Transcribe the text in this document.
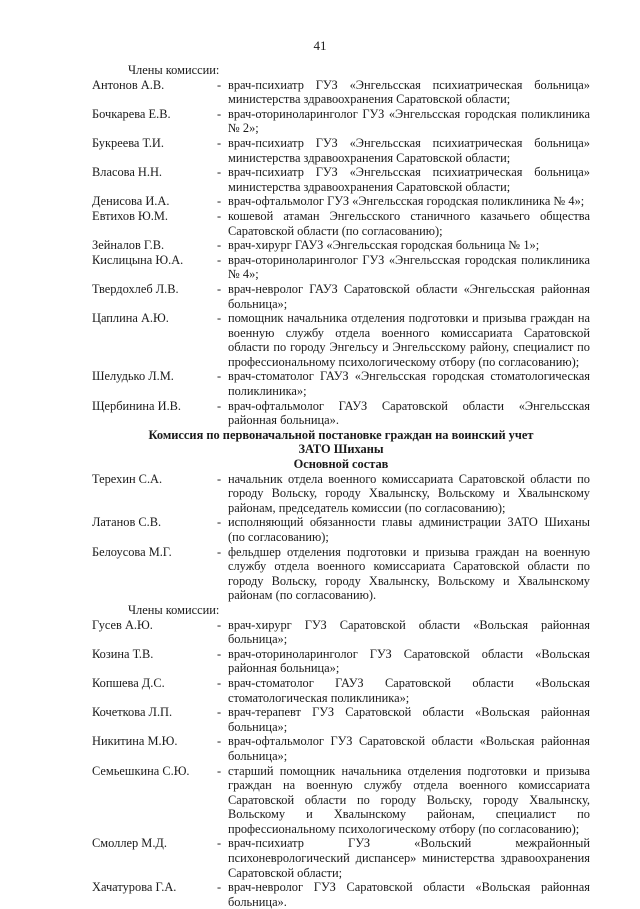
41
Члены комиссии:
Антонов А.В.	- врач-психиатр ГУЗ «Энгельсская психиатрическая больница» министерства здравоохранения Саратовской области;
Бочкарева Е.В.	- врач-оториноларинголог ГУЗ «Энгельсская городская поликлиника № 2»;
Букреева Т.И.	- врач-психиатр ГУЗ «Энгельсская психиатрическая больница» министерства здравоохранения Саратовской области;
Власова Н.Н.	- врач-психиатр ГУЗ «Энгельсская психиатрическая больница» министерства здравоохранения Саратовской области;
Денисова И.А.	- врач-офтальмолог ГУЗ «Энгельсская городская поликлиника № 4»;
Евтихов Ю.М.	- кошевой атаман Энгельсского станичного казачьего общества Саратовской области (по согласованию);
Зейналов Г.В.	- врач-хирург ГАУЗ «Энгельсская городская больница № 1»;
Кислицына Ю.А.	- врач-оториноларинголог ГУЗ «Энгельсская городская поликлиника № 4»;
Твердохлеб Л.В.	- врач-невролог ГАУЗ Саратовской области «Энгельсская районная больница»;
Цаплина А.Ю.	- помощник начальника отделения подготовки и призыва граждан на военную службу отдела военного комиссариата Саратовской области по городу Энгельсу и Энгельсскому району, специалист по профессиональному психологическому отбору (по согласованию);
Шелудько Л.М.	- врач-стоматолог ГАУЗ «Энгельсская городская стоматологическая поликлиника»;
Щербинина И.В.	- врач-офтальмолог ГАУЗ Саратовской области «Энгельсская районная больница».
Комиссия по первоначальной постановке граждан на воинский учет
ЗАТО Шиханы
Основной состав
Терехин С.А.	- начальник отдела военного комиссариата Саратовской области по городу Вольску, городу Хвалынску, Вольскому и Хвалынскому районам, председатель комиссии (по согласованию);
Латанов С.В.	- исполняющий обязанности главы администрации ЗАТО Шиханы (по согласованию);
Белоусова М.Г.	- фельдшер отделения подготовки и призыва граждан на военную службу отдела военного комиссариата Саратовской области по городу Вольску, городу Хвалынску, Вольскому и Хвалынскому районам (по согласованию).
Члены комиссии:
Гусев А.Ю.	- врач-хирург ГУЗ Саратовской области «Вольская районная больница»;
Козина Т.В.	- врач-оториноларинголог ГУЗ Саратовской области «Вольская районная больница»;
Копшева Д.С.	- врач-стоматолог ГАУЗ Саратовской области «Вольская стоматологическая поликлиника»;
Кочеткова Л.П.	- врач-терапевт ГУЗ Саратовской области «Вольская районная больница»;
Никитина М.Ю.	- врач-офтальмолог ГУЗ Саратовской области «Вольская районная больница»;
Семьешкина С.Ю.	- старший помощник начальника отделения подготовки и призыва граждан на военную службу отдела военного комиссариата Саратовской области по городу Вольску, городу Хвалынску, Вольскому и Хвалынскому районам, специалист по профессиональному психологическому отбору (по согласованию);
Смоллер М.Д.	- врач-психиатр ГУЗ «Вольский межрайонный психоневрологический диспансер» министерства здравоохранения Саратовской области;
Хачатурова Г.А.	- врач-невролог ГУЗ Саратовской области «Вольская районная больница».
